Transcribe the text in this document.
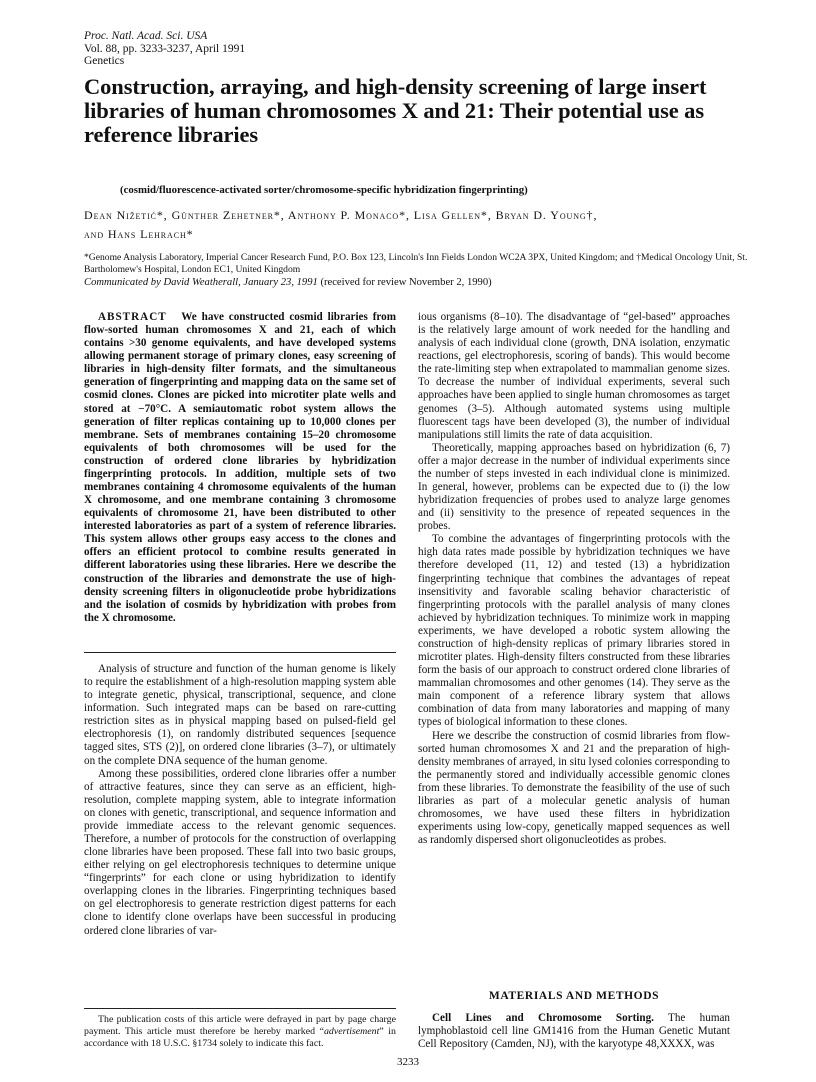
Proc. Natl. Acad. Sci. USA
Vol. 88, pp. 3233-3237, April 1991
Genetics
Construction, arraying, and high-density screening of large insert libraries of human chromosomes X and 21: Their potential use as reference libraries
(cosmid/fluorescence-activated sorter/chromosome-specific hybridization fingerprinting)
Dean Nižetić*, Günther Zehetner*, Anthony P. Monaco*, Lisa Gellen*, Bryan D. Young†,
and Hans Lehrach*
*Genome Analysis Laboratory, Imperial Cancer Research Fund, P.O. Box 123, Lincoln's Inn Fields London WC2A 3PX, United Kingdom; and †Medical Oncology Unit, St. Bartholomew's Hospital, London EC1, United Kingdom
Communicated by David Weatherall, January 23, 1991 (received for review November 2, 1990)

ABSTRACT We have constructed cosmid libraries from flow-sorted human chromosomes X and 21, each of which contains >30 genome equivalents, and have developed systems allowing permanent storage of primary clones, easy screening of libraries in high-density filter formats, and the simultaneous generation of fingerprinting and mapping data on the same set of cosmid clones. Clones are picked into microtiter plate wells and stored at −70°C. A semiautomatic robot system allows the generation of filter replicas containing up to 10,000 clones per membrane. Sets of membranes containing 15–20 chromosome equivalents of both chromosomes will be used for the construction of ordered clone libraries by hybridization fingerprinting protocols. In addition, multiple sets of two membranes containing 4 chromosome equivalents of the human X chromosome, and one membrane containing 3 chromosome equivalents of chromosome 21, have been distributed to other interested laboratories as part of a system of reference libraries. This system allows other groups easy access to the clones and offers an efficient protocol to combine results generated in different laboratories using these libraries. Here we describe the construction of the libraries and demonstrate the use of high-density screening filters in oligonucleotide probe hybridizations and the isolation of cosmids by hybridization with probes from the X chromosome.

Analysis of structure and function of the human genome is likely to require the establishment of a high-resolution mapping system able to integrate genetic, physical, transcriptional, sequence, and clone information. Such integrated maps can be based on rare-cutting restriction sites as in physical mapping based on pulsed-field gel electrophoresis (1), on randomly distributed sequences [sequence tagged sites, STS (2)], on ordered clone libraries (3–7), or ultimately on the complete DNA sequence of the human genome.

Among these possibilities, ordered clone libraries offer a number of attractive features, since they can serve as an efficient, high-resolution, complete mapping system, able to integrate information on clones with genetic, transcriptional, and sequence information and provide immediate access to the relevant genomic sequences. Therefore, a number of protocols for the construction of overlapping clone libraries have been proposed. These fall into two basic groups, either relying on gel electrophoresis techniques to determine unique “fingerprints” for each clone or using hybridization to identify overlapping clones in the libraries. Fingerprinting techniques based on gel electrophoresis to generate restriction digest patterns for each clone to identify clone overlaps have been successful in producing ordered clone libraries of var-

The publication costs of this article were defrayed in part by page charge payment. This article must therefore be hereby marked “advertisement” in accordance with 18 U.S.C. §1734 solely to indicate this fact.

ious organisms (8–10). The disadvantage of “gel-based” approaches is the relatively large amount of work needed for the handling and analysis of each individual clone (growth, DNA isolation, enzymatic reactions, gel electrophoresis, scoring of bands). This would become the rate-limiting step when extrapolated to mammalian genome sizes. To decrease the number of individual experiments, several such approaches have been applied to single human chromosomes as target genomes (3–5). Although automated systems using multiple fluorescent tags have been developed (3), the number of individual manipulations still limits the rate of data acquisition.

Theoretically, mapping approaches based on hybridization (6, 7) offer a major decrease in the number of individual experiments since the number of steps invested in each individual clone is minimized. In general, however, problems can be expected due to (i) the low hybridization frequencies of probes used to analyze large genomes and (ii) sensitivity to the presence of repeated sequences in the probes.

To combine the advantages of fingerprinting protocols with the high data rates made possible by hybridization techniques we have therefore developed (11, 12) and tested (13) a hybridization fingerprinting technique that combines the advantages of repeat insensitivity and favorable scaling behavior characteristic of fingerprinting protocols with the parallel analysis of many clones achieved by hybridization techniques. To minimize work in mapping experiments, we have developed a robotic system allowing the construction of high-density replicas of primary libraries stored in microtiter plates. High-density filters constructed from these libraries form the basis of our approach to construct ordered clone libraries of mammalian chromosomes and other genomes (14). They serve as the main component of a reference library system that allows combination of data from many laboratories and mapping of many types of biological information to these clones.

Here we describe the construction of cosmid libraries from flow-sorted human chromosomes X and 21 and the preparation of high-density membranes of arrayed, in situ lysed colonies corresponding to the permanently stored and individually accessible genomic clones from these libraries. To demonstrate the feasibility of the use of such libraries as part of a molecular genetic analysis of human chromosomes, we have used these filters in hybridization experiments using low-copy, genetically mapped sequences as well as randomly dispersed short oligonucleotides as probes.

MATERIALS AND METHODS

Cell Lines and Chromosome Sorting. The human lymphoblastoid cell line GM1416 from the Human Genetic Mutant Cell Repository (Camden, NJ), with the karyotype 48,XXXX, was

3233
